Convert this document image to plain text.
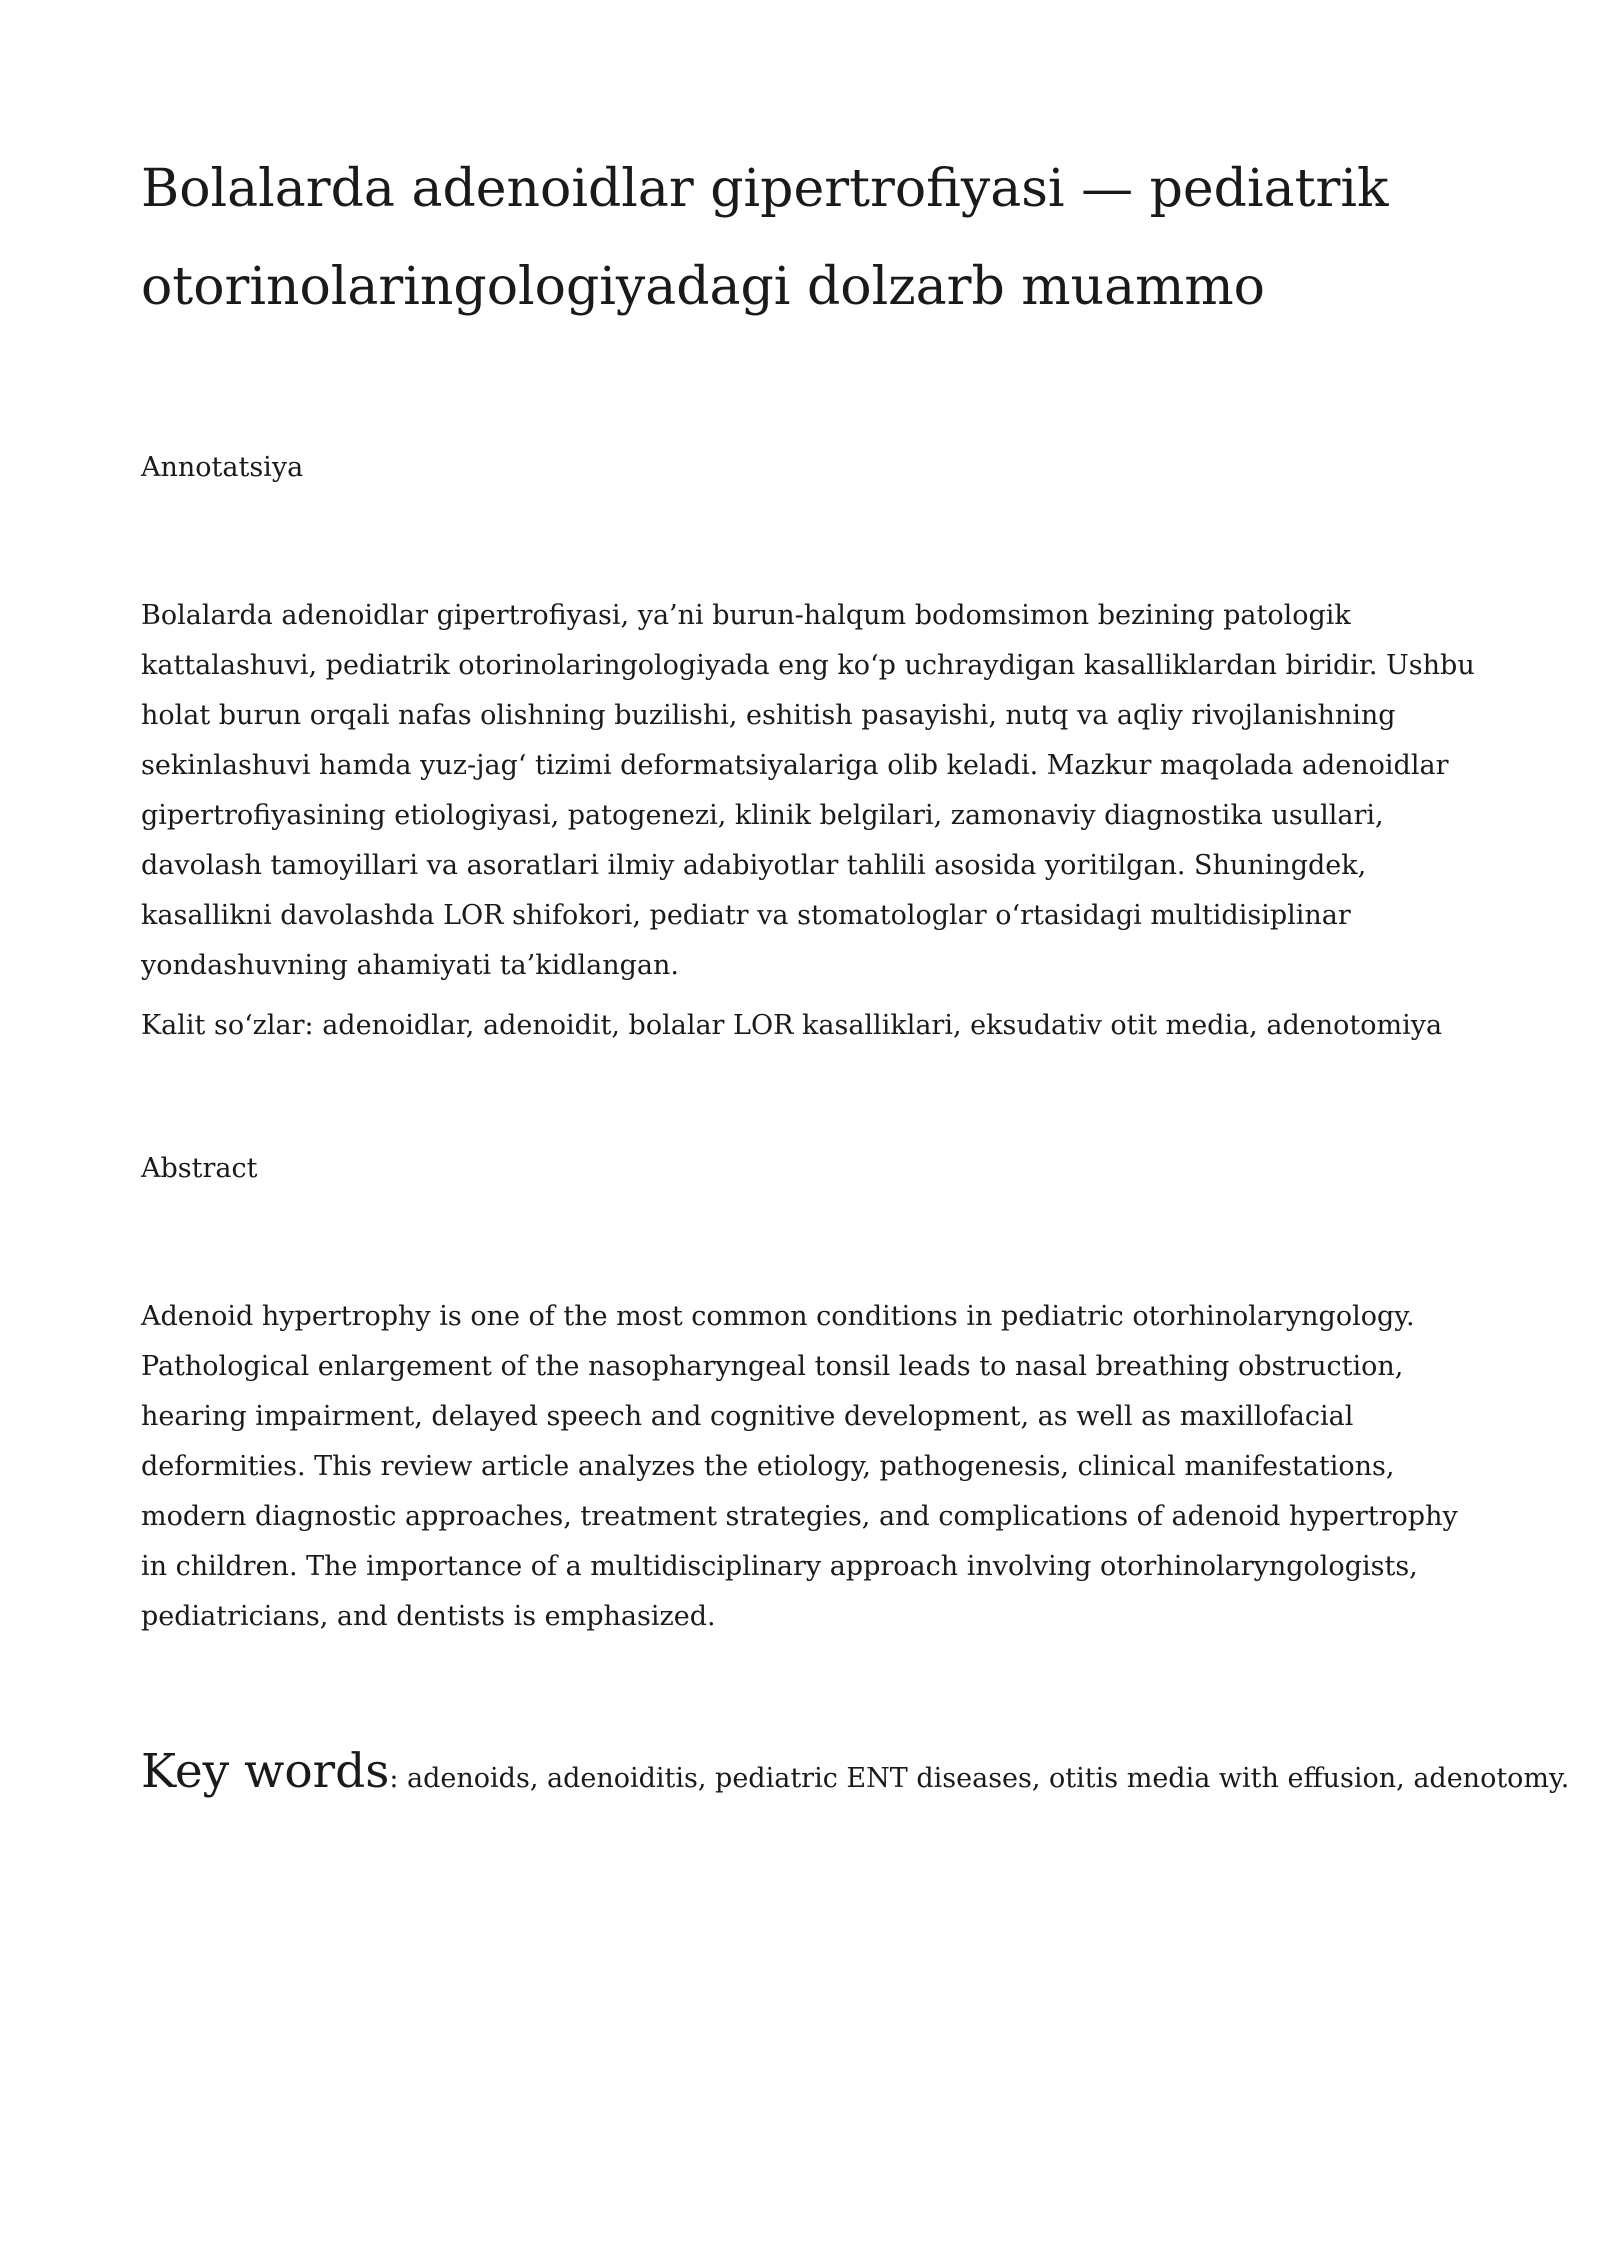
Bolalarda adenoidlar gipertrofiyasi — pediatrik otorinolaringologiyadagi dolzarb muammo

Annotatsiya

Bolalarda adenoidlar gipertrofiyasi, ya’ni burun-halqum bodomsimon bezining patologik kattalashuvi, pediatrik otorinolaringologiyada eng ko‘p uchraydigan kasalliklardan biridir. Ushbu holat burun orqali nafas olishning buzilishi, eshitish pasayishi, nutq va aqliy rivojlanishning sekinlashuvi hamda yuz-jag‘ tizimi deformatsiyalariga olib keladi. Mazkur maqolada adenoidlar gipertrofiyasining etiologiyasi, patogenezi, klinik belgilari, zamonaviy diagnostika usullari, davolash tamoyillari va asoratlari ilmiy adabiyotlar tahlili asosida yoritilgan. Shuningdek, kasallikni davolashda LOR shifokori, pediatr va stomatologlar o‘rtasidagi multidisiplinar yondashuvning ahamiyati ta’kidlangan.

Kalit so‘zlar: adenoidlar, adenoidit, bolalar LOR kasalliklari, eksudativ otit media, adenotomiya

Abstract

Adenoid hypertrophy is one of the most common conditions in pediatric otorhinolaryngology. Pathological enlargement of the nasopharyngeal tonsil leads to nasal breathing obstruction, hearing impairment, delayed speech and cognitive development, as well as maxillofacial deformities. This review article analyzes the etiology, pathogenesis, clinical manifestations, modern diagnostic approaches, treatment strategies, and complications of adenoid hypertrophy in children. The importance of a multidisciplinary approach involving otorhinolaryngologists, pediatricians, and dentists is emphasized.

Key words: adenoids, adenoiditis, pediatric ENT diseases, otitis media with effusion, adenotomy.
